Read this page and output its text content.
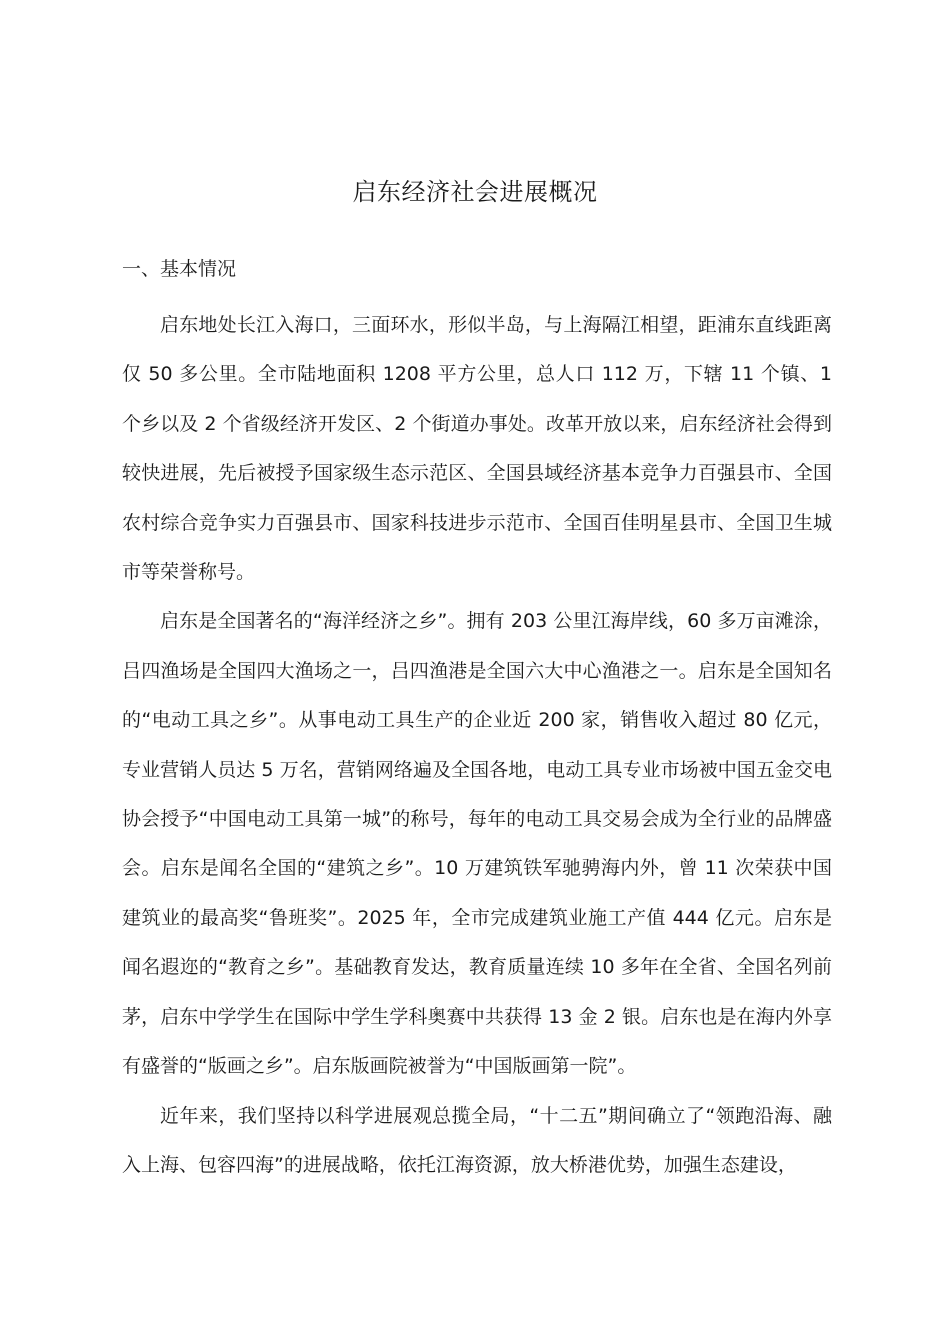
启东经济社会进展概况
一、基本情况

启东地处长江入海口，三面环水，形似半岛，与上海隔江相望，距浦东直线距离仅 50 多公里。全市陆地面积 1208 平方公里，总人口 112 万，下辖 11 个镇、1 个乡以及 2 个省级经济开发区、2 个街道办事处。改革开放以来，启东经济社会得到较快进展，先后被授予国家级生态示范区、全国县域经济基本竞争力百强县市、全国农村综合竞争实力百强县市、国家科技进步示范市、全国百佳明星县市、全国卫生城市等荣誉称号。

启东是全国著名的“海洋经济之乡”。拥有 203 公里江海岸线，60 多万亩滩涂，吕四渔场是全国四大渔场之一，吕四渔港是全国六大中心渔港之一。启东是全国知名的“电动工具之乡”。从事电动工具生产的企业近 200 家，销售收入超过 80 亿元，专业营销人员达 5 万名，营销网络遍及全国各地，电动工具专业市场被中国五金交电协会授予“中国电动工具第一城”的称号，每年的电动工具交易会成为全行业的品牌盛会。启东是闻名全国的“建筑之乡”。10 万建筑铁军驰骋海内外，曾 11 次荣获中国建筑业的最高奖“鲁班奖”。2025 年，全市完成建筑业施工产值 444 亿元。启东是闻名遐迩的“教育之乡”。基础教育发达，教育质量连续 10 多年在全省、全国名列前茅，启东中学学生在国际中学生学科奥赛中共获得 13 金 2 银。启东也是在海内外享有盛誉的“版画之乡”。启东版画院被誉为“中国版画第一院”。

近年来，我们坚持以科学进展观总揽全局，“十二五”期间确立了“领跑沿海、融入上海、包容四海”的进展战略，依托江海资源，放大桥港优势，加强生态建设，
